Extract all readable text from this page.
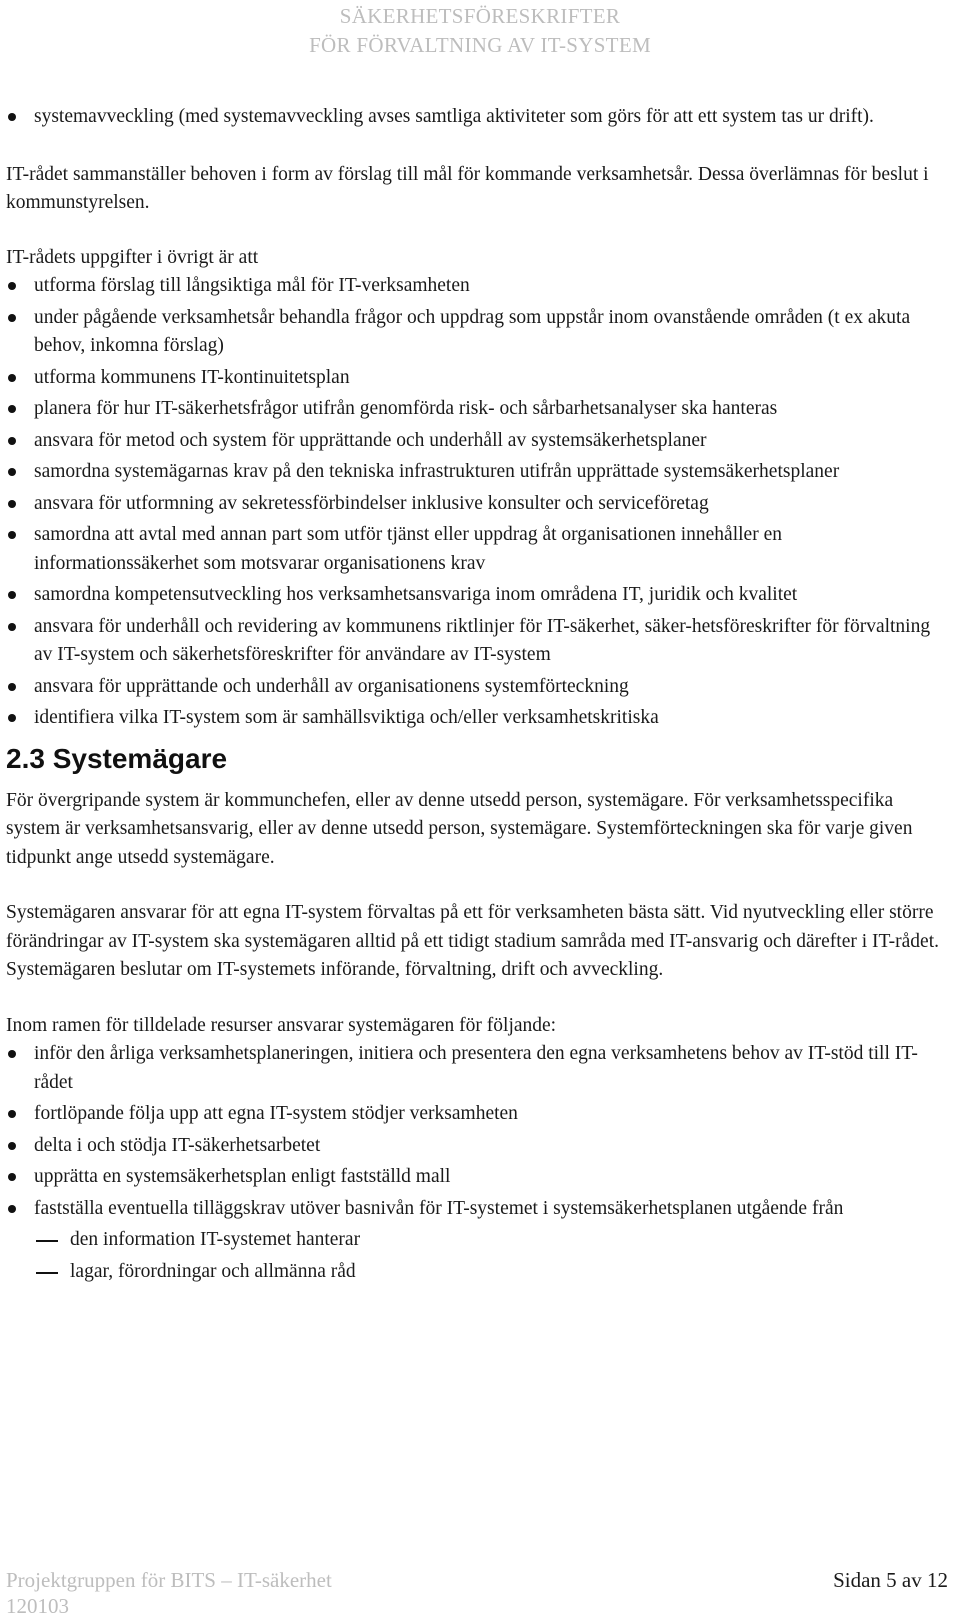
SÄKERHETSFÖRESKRIFTER
FÖR FÖRVALTNING AV IT-SYSTEM
systemavveckling (med systemavveckling avses samtliga aktiviteter som görs för att ett system tas ur drift).

IT-rådet sammanställer behoven i form av förslag till mål för kommande verksamhetsår. Dessa överlämnas för beslut i kommunstyrelsen.

IT-rådets uppgifter i övrigt är att

utforma förslag till långsiktiga mål för IT-verksamheten
under pågående verksamhetsår behandla frågor och uppdrag som uppstår inom ovanstående områden (t ex akuta behov, inkomna förslag)
utforma kommunens IT-kontinuitetsplan
planera för hur IT-säkerhetsfrågor utifrån genomförda risk- och sårbarhetsanalyser ska hanteras
ansvara för metod och system för upprättande och underhåll av systemsäkerhetsplaner
samordna systemägarnas krav på den tekniska infrastrukturen utifrån upprättade systemsäkerhetsplaner
ansvara för utformning av sekretessförbindelser inklusive konsulter och serviceföretag
samordna att avtal med annan part som utför tjänst eller uppdrag åt organisationen innehåller en informationssäkerhet som motsvarar organisationens krav
samordna kompetensutveckling hos verksamhetsansvariga inom områdena IT, juridik och kvalitet
ansvara för underhåll och revidering av kommunens riktlinjer för IT-säkerhet, säker-hetsföreskrifter för förvaltning av IT-system och säkerhetsföreskrifter för användare av IT-system
ansvara för upprättande och underhåll av organisationens systemförteckning
identifiera vilka IT-system som är samhällsviktiga och/eller verksamhetskritiska
2.3 Systemägare

För övergripande system är kommunchefen, eller av denne utsedd person, systemägare. För verksamhetsspecifika system är verksamhetsansvarig, eller av denne utsedd person, systemägare. Systemförteckningen ska för varje given tidpunkt ange utsedd systemägare.

Systemägaren ansvarar för att egna IT-system förvaltas på ett för verksamheten bästa sätt. Vid nyutveckling eller större förändringar av IT-system ska systemägaren alltid på ett tidigt stadium samråda med IT-ansvarig och därefter i IT-rådet. Systemägaren beslutar om IT-systemets införande, förvaltning, drift och avveckling.

Inom ramen för tilldelade resurser ansvarar systemägaren för följande:

inför den årliga verksamhetsplaneringen, initiera och presentera den egna verksamhetens behov av IT-stöd till IT-rådet
fortlöpande följa upp att egna IT-system stödjer verksamheten
delta i och stödja IT-säkerhetsarbetet
upprätta en systemsäkerhetsplan enligt fastställd mall
fastställa eventuella tilläggskrav utöver basnivån för IT-systemet i systemsäkerhetsplanen utgående från
den information IT-systemet hanterar
lagar, förordningar och allmänna råd
Projektgruppen för BITS – IT-säkerhet	Sidan 5 av 12
120103
